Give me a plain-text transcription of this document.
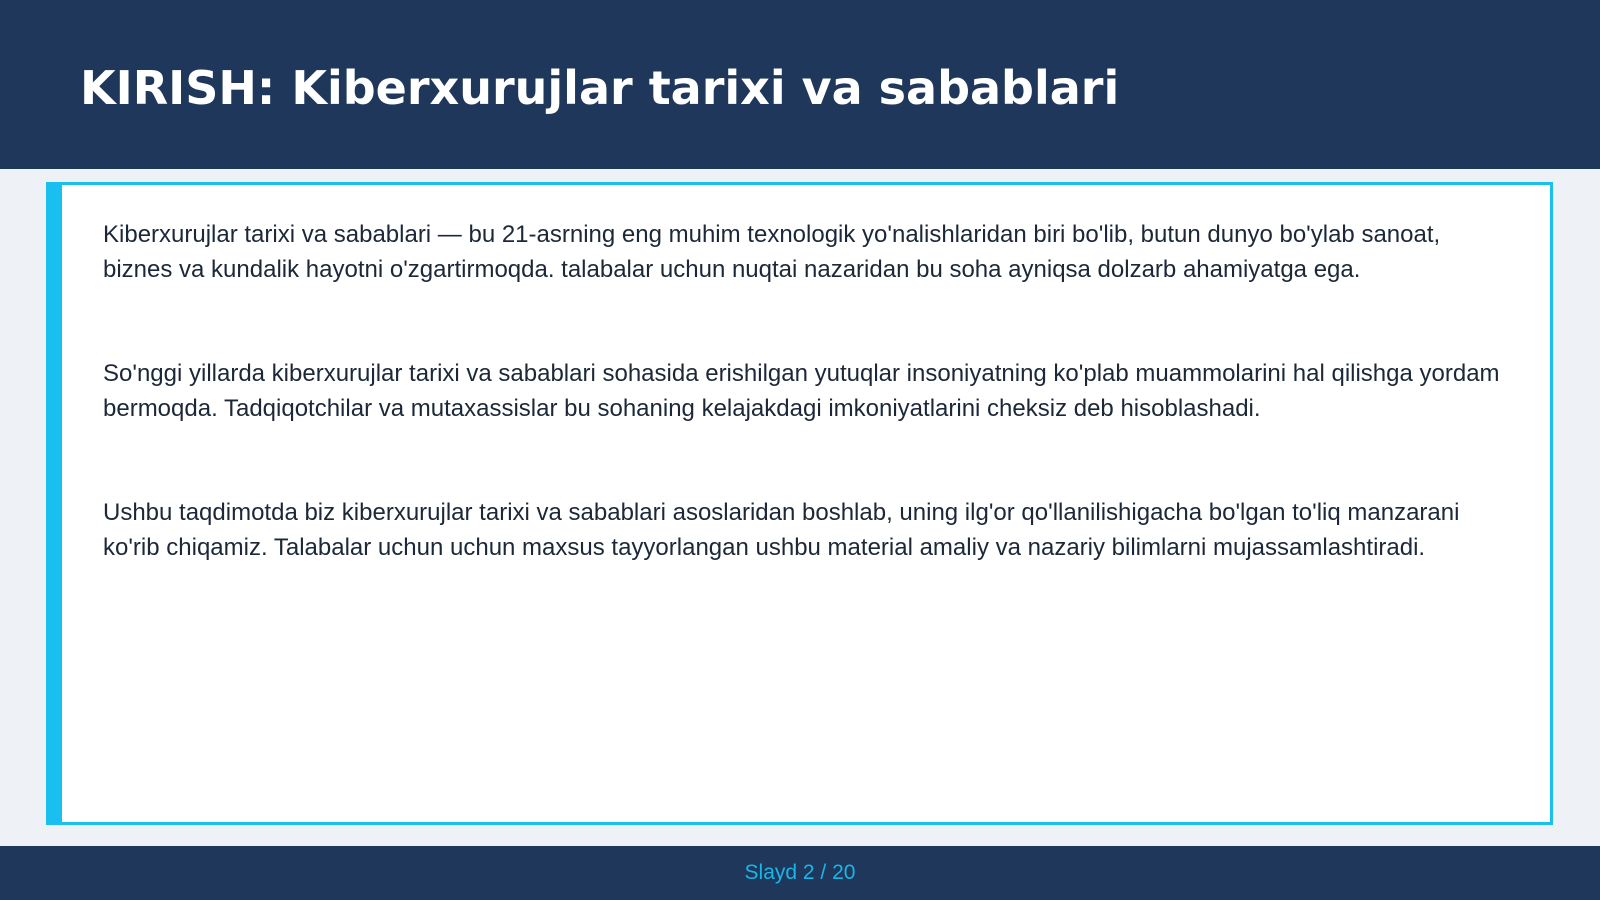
KIRISH: Kiberxurujlar tarixi va sabablari

Kiberxurujlar tarixi va sabablari — bu 21-asrning eng muhim texnologik yo'nalishlaridan biri bo'lib, butun dunyo bo'ylab sanoat, biznes va kundalik hayotni o'zgartirmoqda. talabalar uchun nuqtai nazaridan bu soha ayniqsa dolzarb ahamiyatga ega.

So'nggi yillarda kiberxurujlar tarixi va sabablari sohasida erishilgan yutuqlar insoniyatning ko'plab muammolarini hal qilishga yordam bermoqda. Tadqiqotchilar va mutaxassislar bu sohaning kelajakdagi imkoniyatlarini cheksiz deb hisoblashadi.

Ushbu taqdimotda biz kiberxurujlar tarixi va sabablari asoslaridan boshlab, uning ilg'or qo'llanilishigacha bo'lgan to'liq manzarani ko'rib chiqamiz. Talabalar uchun uchun maxsus tayyorlangan ushbu material amaliy va nazariy bilimlarni mujassamlashtiradi.

Slayd 2 / 20
